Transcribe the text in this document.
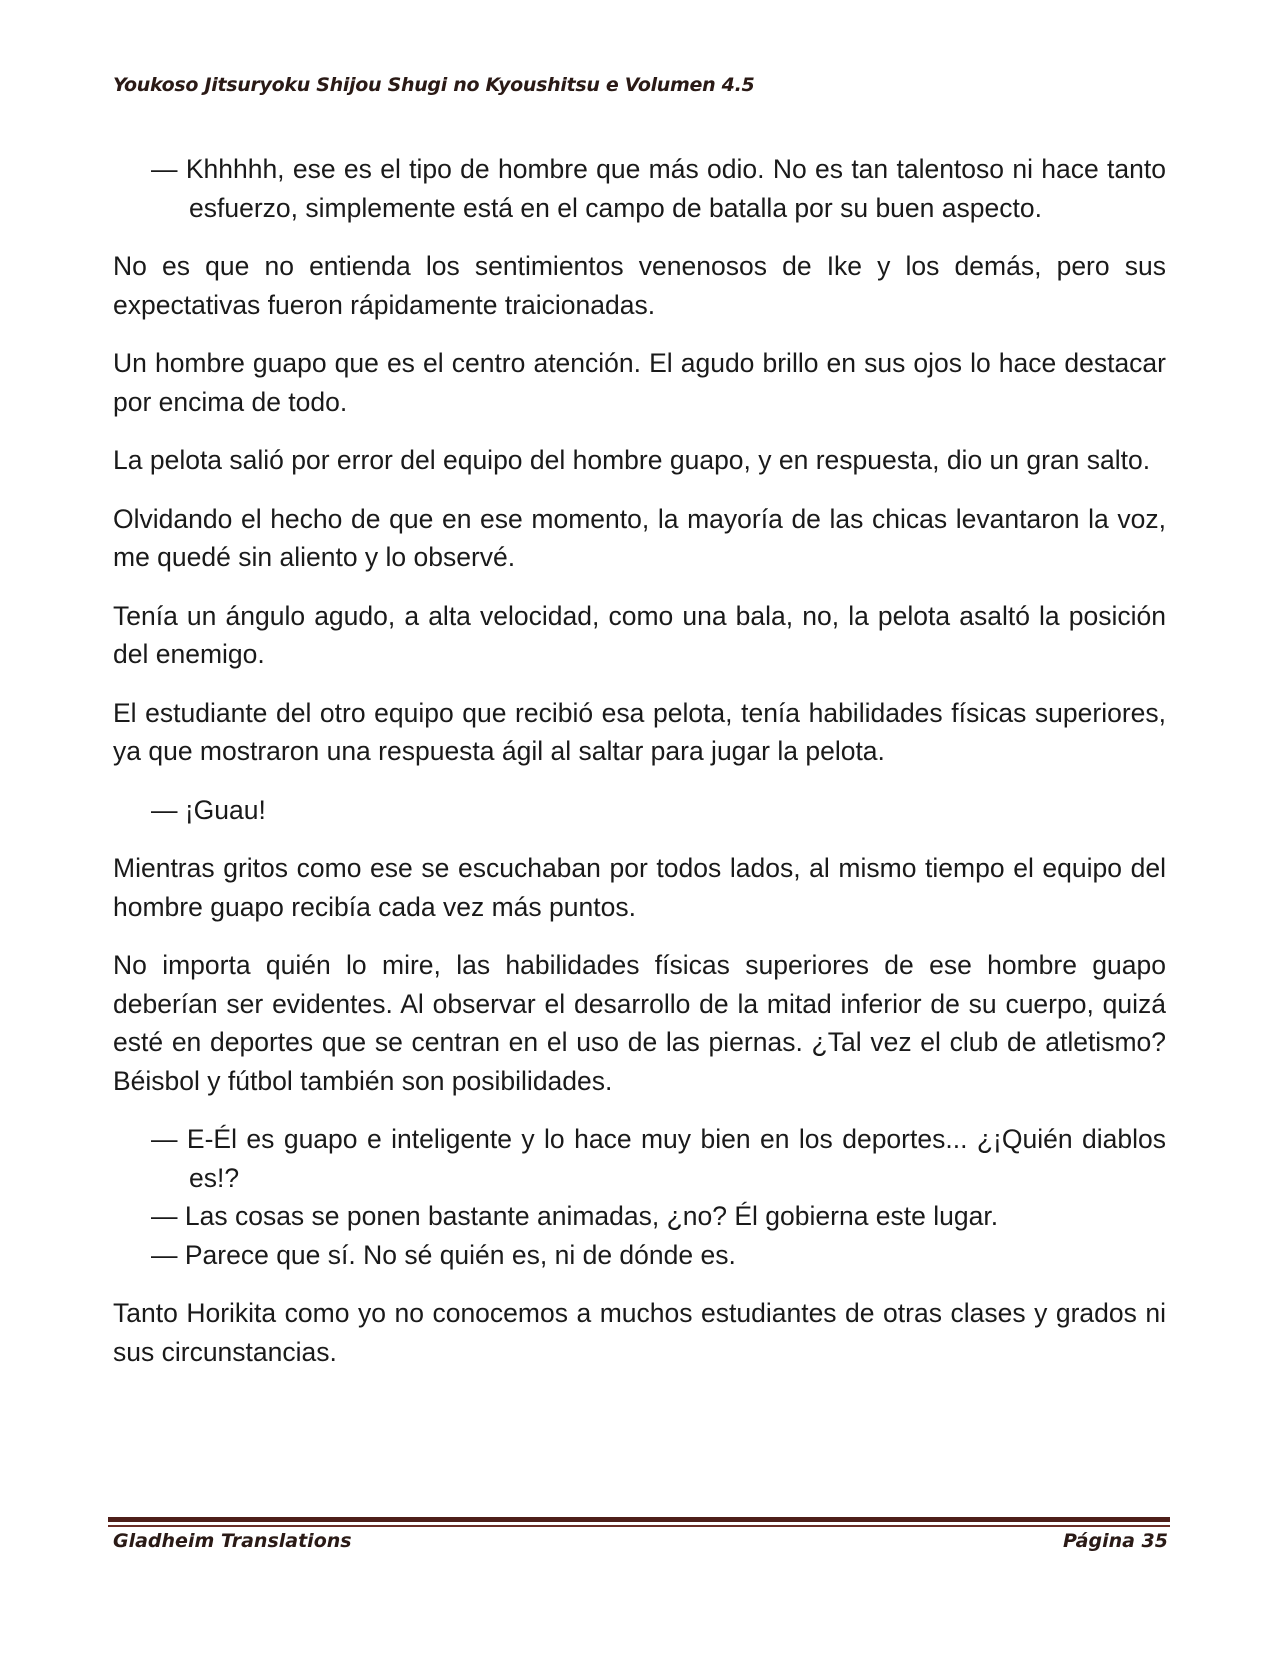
Youkoso Jitsuryoku Shijou Shugi no Kyoushitsu e Volumen 4.5

— Khhhhh, ese es el tipo de hombre que más odio. No es tan talentoso ni hace tanto esfuerzo, simplemente está en el campo de batalla por su buen aspecto.

No es que no entienda los sentimientos venenosos de Ike y los demás, pero sus expectativas fueron rápidamente traicionadas.

Un hombre guapo que es el centro atención. El agudo brillo en sus ojos lo hace destacar por encima de todo.

La pelota salió por error del equipo del hombre guapo, y en respuesta, dio un gran salto.

Olvidando el hecho de que en ese momento, la mayoría de las chicas levantaron la voz, me quedé sin aliento y lo observé.

Tenía un ángulo agudo, a alta velocidad, como una bala, no, la pelota asaltó la posición del enemigo.

El estudiante del otro equipo que recibió esa pelota, tenía habilidades físicas superiores, ya que mostraron una respuesta ágil al saltar para jugar la pelota.

— ¡Guau!

Mientras gritos como ese se escuchaban por todos lados, al mismo tiempo el equipo del hombre guapo recibía cada vez más puntos.

No importa quién lo mire, las habilidades físicas superiores de ese hombre guapo deberían ser evidentes. Al observar el desarrollo de la mitad inferior de su cuerpo, quizá esté en deportes que se centran en el uso de las piernas. ¿Tal vez el club de atletismo? Béisbol y fútbol también son posibilidades.

— E-Él es guapo e inteligente y lo hace muy bien en los deportes... ¿¡Quién diablos es!?

— Las cosas se ponen bastante animadas, ¿no? Él gobierna este lugar.

— Parece que sí. No sé quién es, ni de dónde es.

Tanto Horikita como yo no conocemos a muchos estudiantes de otras clases y grados ni sus circunstancias.

Gladheim Translations	Página 35
